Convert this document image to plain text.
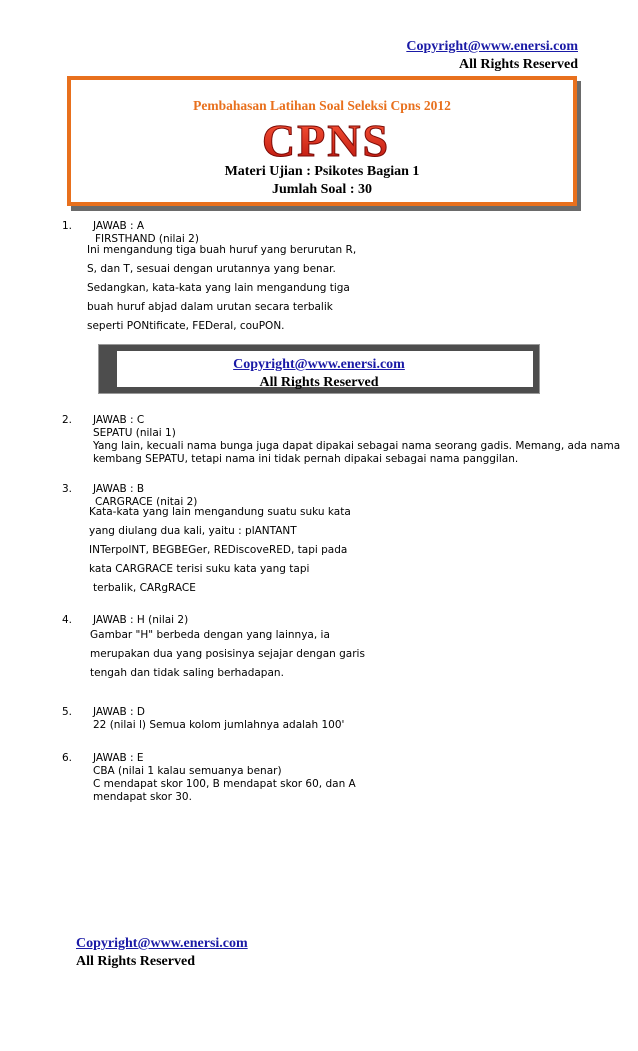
Copyright@www.enersi.com
All Rights Reserved
Pembahasan Latihan Soal Seleksi Cpns 2012
CPNS
Materi Ujian : Psikotes Bagian 1
Jumlah Soal : 30
1. JAWAB : A
FIRSTHAND (nilai 2)
Ini mengandung tiga buah huruf yang berurutan R,
S, dan T, sesuai dengan urutannya yang benar.
Sedangkan, kata-kata yang lain mengandung tiga
buah huruf abjad dalam urutan secara terbalik
seperti PONtificate, FEDeral, couPON.
Copyright@www.enersi.com
All Rights Reserved
2. JAWAB : C
SEPATU (nilai 1)
Yang lain, kecuali nama bunga juga dapat dipakai sebagai nama seorang gadis. Memang, ada nama
kembang SEPATU, tetapi nama ini tidak pernah dipakai sebagai nama panggilan.
3. JAWAB : B
CARGRACE (nitai 2)
Kata-kata yang lain mengandung suatu suku kata
yang diulang dua kali, yaitu : plANTANT
INTerpolNT, BEGBEGer, REDiscoveRED, tapi pada
kata CARGRACE terisi suku kata yang tapi
terbalik, CARgRACE
4. JAWAB : H (nilai 2)
Gambar "H" berbeda dengan yang lainnya, ia
merupakan dua yang posisinya sejajar dengan garis
tengah dan tidak saling berhadapan.
5. JAWAB : D
22 (nilai l) Semua kolom jumlahnya adalah 100'
6. JAWAB : E
CBA (nilai 1 kalau semuanya benar)
C mendapat skor 100, B mendapat skor 60, dan A
mendapat skor 30.
Copyright@www.enersi.com
All Rights Reserved
